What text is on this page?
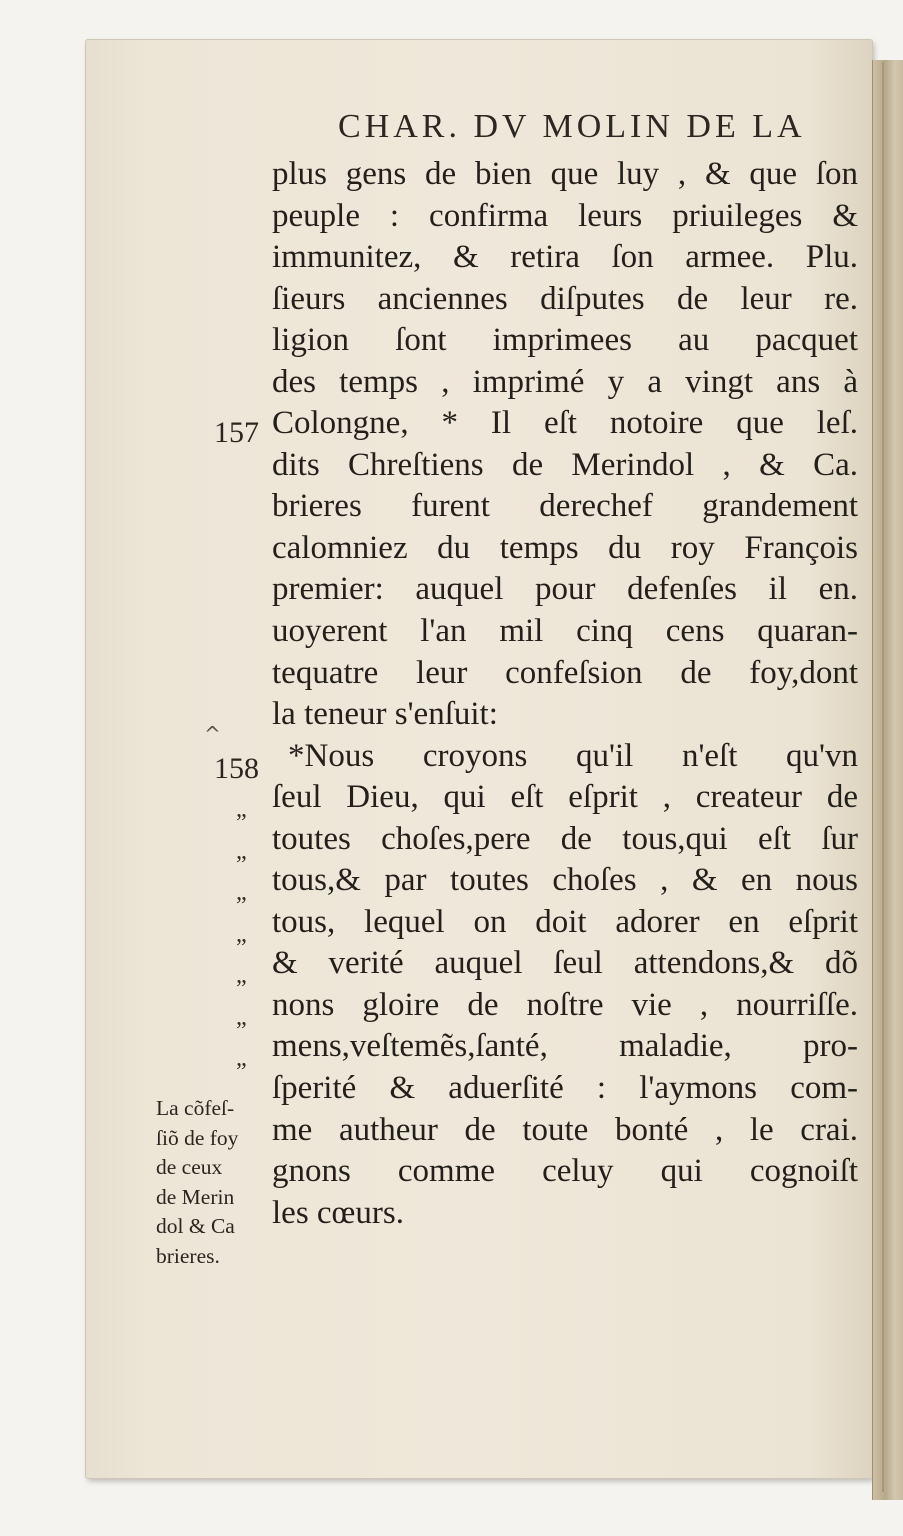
CHAR. DV MOLIN DE LA
plus gens de bien que luy , & que ſon
peuple : confirma leurs priuileges &
immunitez, & retira ſon armee. Plu.
ſieurs anciennes diſputes de leur re.
ligion ſont imprimees au pacquet
des temps , imprimé y a vingt ans à
Colongne, * Il eſt notoire que leſ.
dits Chreſtiens de Merindol , & Ca.
brieres furent derechef grandement
calomniez du temps du roy François
premier: auquel pour defenſes il en.
uoyerent l'an mil cinq cens quaran-
tequatre leur confeſsion de foy,dont
la teneur s'enſuit:
*Nous croyons qu'il n'eſt qu'vn
ſeul Dieu, qui eſt eſprit , createur de
toutes choſes,pere de tous,qui eſt ſur
tous,& par toutes choſes , & en nous
tous, lequel on doit adorer en eſprit
& verité auquel ſeul attendons,& dõ
nons gloire de noſtre vie , nourriſſe.
mens,veſtemẽs,ſanté, maladie, pro-
ſperité & aduerſité : l'aymons com-
me autheur de toute bonté , le crai.
gnons comme celuy qui cognoiſt
les cœurs.
157
158
^
”
”
”
”
”
”
”
La cõfeſ-
ſiõ de foy
de ceux
de Merin
dol & Ca
brieres.
